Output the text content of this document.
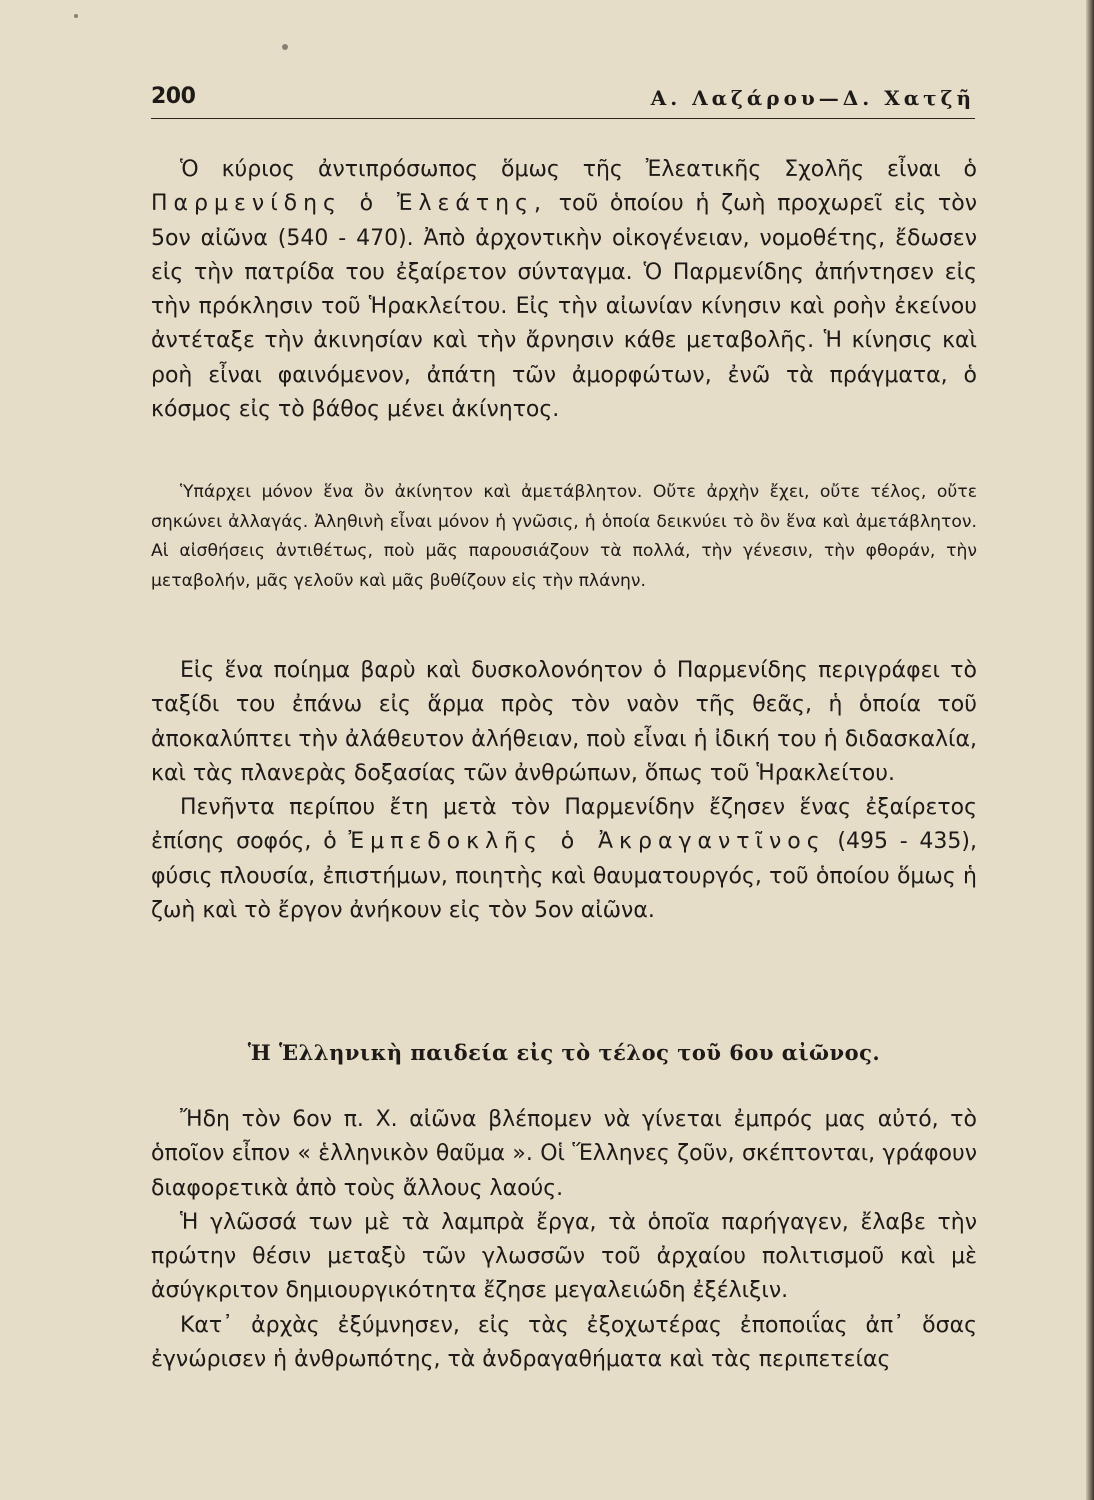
200	Α. Λαζάρου—Δ. Χατζῆ

Ὁ κύριος ἀντιπρόσωπος ὅμως τῆς Ἐλεατικῆς Σχολῆς εἶναι ὁ Παρμενίδης ὁ Ἐλεάτης, τοῦ ὁποίου ἡ ζωὴ προχωρεῖ εἰς τὸν 5ον αἰῶνα (540 - 470). Ἀπὸ ἀρχοντικὴν οἰκογένειαν, νομοθέτης, ἔδωσεν εἰς τὴν πατρίδα του ἐξαίρετον σύνταγμα. Ὁ Παρμενίδης ἀπήντησεν εἰς τὴν πρόκλησιν τοῦ Ἡρακλείτου. Εἰς τὴν αἰωνίαν κίνησιν καὶ ροὴν ἐκείνου ἀντέταξε τὴν ἀκινησίαν καὶ τὴν ἄρνησιν κάθε μεταβολῆς. Ἡ κίνησις καὶ ροὴ εἶναι φαινόμενον, ἀπάτη τῶν ἀμορφώτων, ἐνῶ τὰ πράγματα, ὁ κόσμος εἰς τὸ βάθος μένει ἀκίνητος.

Ὑπάρχει μόνον ἕνα ὂν ἀκίνητον καὶ ἀμετάβλητον. Οὔτε ἀρχὴν ἔχει, οὔτε τέλος, οὔτε σηκώνει ἀλλαγάς. Ἀληθινὴ εἶναι μόνον ἡ γνῶσις, ἡ ὁποία δεικνύει τὸ ὂν ἕνα καὶ ἀμετάβλητον. Αἱ αἰσθήσεις ἀντιθέτως, ποὺ μᾶς παρουσιάζουν τὰ πολλά, τὴν γένεσιν, τὴν φθοράν, τὴν μεταβολήν, μᾶς γελοῦν καὶ μᾶς βυθίζουν εἰς τὴν πλάνην.

Εἰς ἕνα ποίημα βαρὺ καὶ δυσκολονόητον ὁ Παρμενίδης περιγράφει τὸ ταξίδι του ἐπάνω εἰς ἅρμα πρὸς τὸν ναὸν τῆς θεᾶς, ἡ ὁποία τοῦ ἀποκαλύπτει τὴν ἀλάθευτον ἀλήθειαν, ποὺ εἶναι ἡ ἰδική του ἡ διδασκαλία, καὶ τὰς πλανερὰς δοξασίας τῶν ἀνθρώπων, ὅπως τοῦ Ἡρακλείτου.

Πενῆντα περίπου ἔτη μετὰ τὸν Παρμενίδην ἔζησεν ἕνας ἐξαίρετος ἐπίσης σοφός, ὁ Ἐμπεδοκλῆς ὁ Ἀκραγαντῖνος (495 - 435), φύσις πλουσία, ἐπιστήμων, ποιητὴς καὶ θαυματουργός, τοῦ ὁποίου ὅμως ἡ ζωὴ καὶ τὸ ἔργον ἀνήκουν εἰς τὸν 5ον αἰῶνα.

Ἡ Ἑλληνικὴ παιδεία εἰς τὸ τέλος τοῦ 6ου αἰῶνος.

Ἤδη τὸν 6ον π. Χ. αἰῶνα βλέπομεν νὰ γίνεται ἐμπρός μας αὐτό, τὸ ὁποῖον εἶπον « ἑλληνικὸν θαῦμα ». Οἱ Ἕλληνες ζοῦν, σκέπτονται, γράφουν διαφορετικὰ ἀπὸ τοὺς ἄλλους λαούς.

Ἡ γλῶσσά των μὲ τὰ λαμπρὰ ἔργα, τὰ ὁποῖα παρήγαγεν, ἔλαβε τὴν πρώτην θέσιν μεταξὺ τῶν γλωσσῶν τοῦ ἀρχαίου πολιτισμοῦ καὶ μὲ ἀσύγκριτον δημιουργικότητα ἔζησε μεγαλειώδη ἐξέλιξιν.

Κατ᾽ ἀρχὰς ἐξύμνησεν, εἰς τὰς ἐξοχωτέρας ἐποποιΐας ἀπ᾽ ὅσας ἐγνώρισεν ἡ ἀνθρωπότης, τὰ ἀνδραγαθήματα καὶ τὰς περιπετείας
